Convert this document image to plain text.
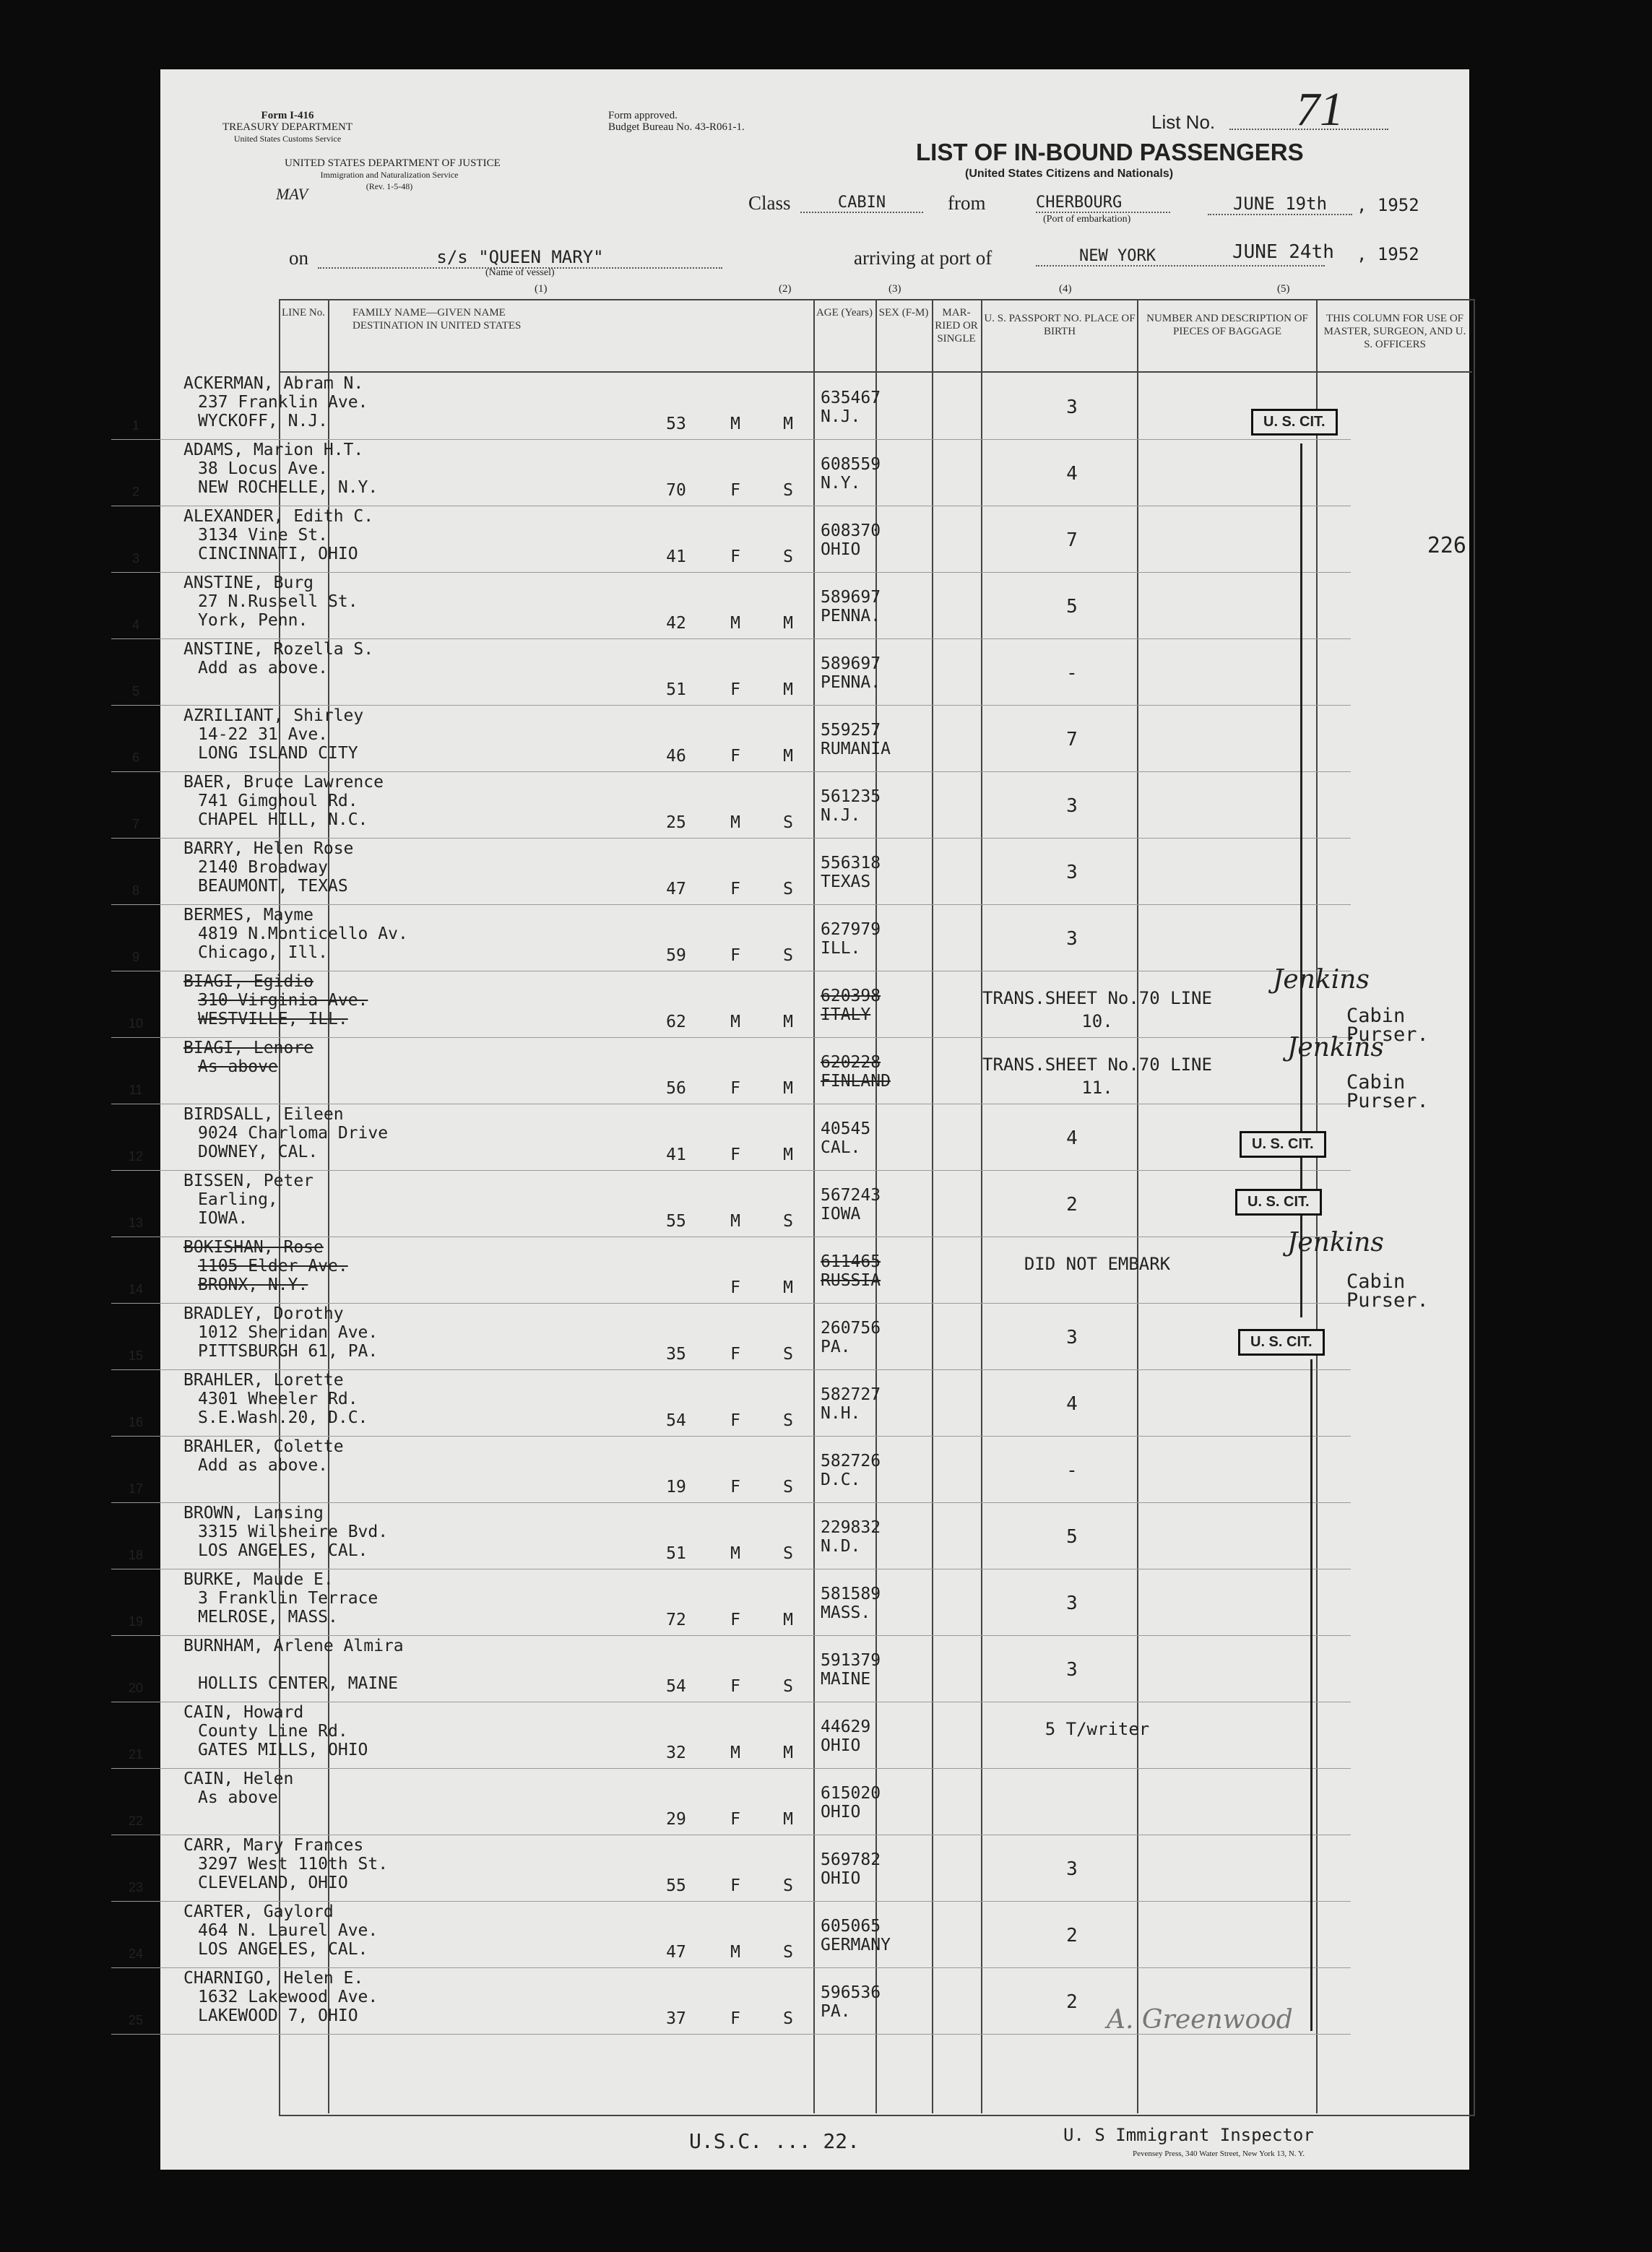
Form I-416
TREASURY DEPARTMENT
United States Customs Service
UNITED STATES DEPARTMENT OF JUSTICE
Immigration and Naturalization Service
(Rev. 1-5-48)
MAV
Form approved.
Budget Bureau No. 43-R061-1.	List No. 71
LIST OF IN-BOUND PASSENGERS
(United States Citizens and Nationals)
Class	CABIN	from	CHERBOURG
(Port of embarkation)
JUNE 19th	, 1952
on	s/s "QUEEN MARY"
(Name of vessel)
arriving at port of	NEW YORK	JUNE 24th , 1952
(1)	(2)	(3)	(4)	(5)
LINE No.	FAMILY NAME—GIVEN NAME DESTINATION IN UNITED STATES
AGE (Years) SEX (F-M)	MAR-RIED OR SINGLE
U. S. PASSPORT NO. PLACE OF BIRTH
NUMBER AND DESCRIPTION OF PIECES OF BAGGAGE
THIS COLUMN FOR USE OF MASTER, SURGEON, AND U. S. OFFICERS
1
ACKERMAN, Abram N.
237 Franklin Ave.
WYCKOFF, N.J.	53	M	M
635467
N.J.	3
2
ADAMS, Marion H.T.
38 Locus Ave.
NEW ROCHELLE, N.Y.	70	F	S
608559
N.Y.	4
3
ALEXANDER, Edith C.
3134 Vine St.
CINCINNATI, OHIO	41	F	S
608370
OHIO	7
4
ANSTINE, Burg
27 N.Russell St.
York, Penn.	42	M	M
589697
PENNA.	5
5
ANSTINE, Rozella S.
Add as above.
51	F	M
589697
PENNA.	-
6
AZRILIANT, Shirley
14-22 31 Ave.
LONG ISLAND CITY	46	F	M
559257
RUMANIA	7
7
BAER, Bruce Lawrence
741 Gimghoul Rd.
CHAPEL HILL, N.C.	25	M	S
561235
N.J.	3
8
BARRY, Helen Rose
2140 Broadway
BEAUMONT, TEXAS	47	F	S
556318
TEXAS	3
9
BERMES, Mayme
4819 N.Monticello Av.
Chicago, Ill.	59	F	S
627979
ILL.	3
10
BIAGI, Egidio
310 Virginia Ave.
WESTVILLE, ILL.	62	M	M
620398
ITALY
TRANS.SHEET No.70 LINE 10.	Cabin Purser.
11
BIAGI, Lenore
As above
56	F	M
620228
FINLAND
TRANS.SHEET No.70 LINE 11.	Cabin Purser.
12
BIRDSALL, Eileen
9024 Charloma Drive
DOWNEY, CAL.	41	F	M
40545
CAL.	4
13
BISSEN, Peter
Earling,
IOWA.	55	M	S
567243
IOWA	2
14
BOKISHAN, Rose
1105 Elder Ave.
BRONX, N.Y.	F	M
611465
RUSSIA
DID NOT EMBARK
Cabin Purser.
15
BRADLEY, Dorothy
1012 Sheridan Ave.
PITTSBURGH 61, PA.	35	F	S
260756
PA.	3
16
BRAHLER, Lorette
4301 Wheeler Rd.
S.E.Wash.20, D.C.	54	F	S
582727
N.H.	4
17
BRAHLER, Colette
Add as above.
19	F	S
582726
D.C.	-
18
BROWN, Lansing
3315 Wilsheire Bvd.
LOS ANGELES, CAL.	51	M	S
229832
N.D.	5
19
BURKE, Maude E.
3 Franklin Terrace
MELROSE, MASS.	72	F	M
581589
MASS.	3
20
BURNHAM, Arlene Almira
HOLLIS CENTER, MAINE	54	F	S
591379
MAINE	3
21
CAIN, Howard
County Line Rd.
GATES MILLS, OHIO	32	M	M
44629
OHIO
5 T/writer
22
CAIN, Helen
As above
29	F	M
615020
OHIO
23
CARR, Mary Frances
3297 West 110th St.
CLEVELAND, OHIO	55	F	S
569782
OHIO	3
24
CARTER, Gaylord
464 N. Laurel Ave.
LOS ANGELES, CAL.	47	M	S
605065
GERMANY	2
25
CHARNIGO, Helen E.
1632 Lakewood Ave.
LAKEWOOD 7, OHIO	37	F	S
596536
PA.	2
U. S. CIT.
226
U. S. CIT.
U. S. CIT.
U. S. CIT.
Jenkins
Jenkins
Jenkins
A. Greenwood
U.S.C. ... 22.	U. S Immigrant Inspector
Pevensey Press, 340 Water Street, New York 13, N. Y.
